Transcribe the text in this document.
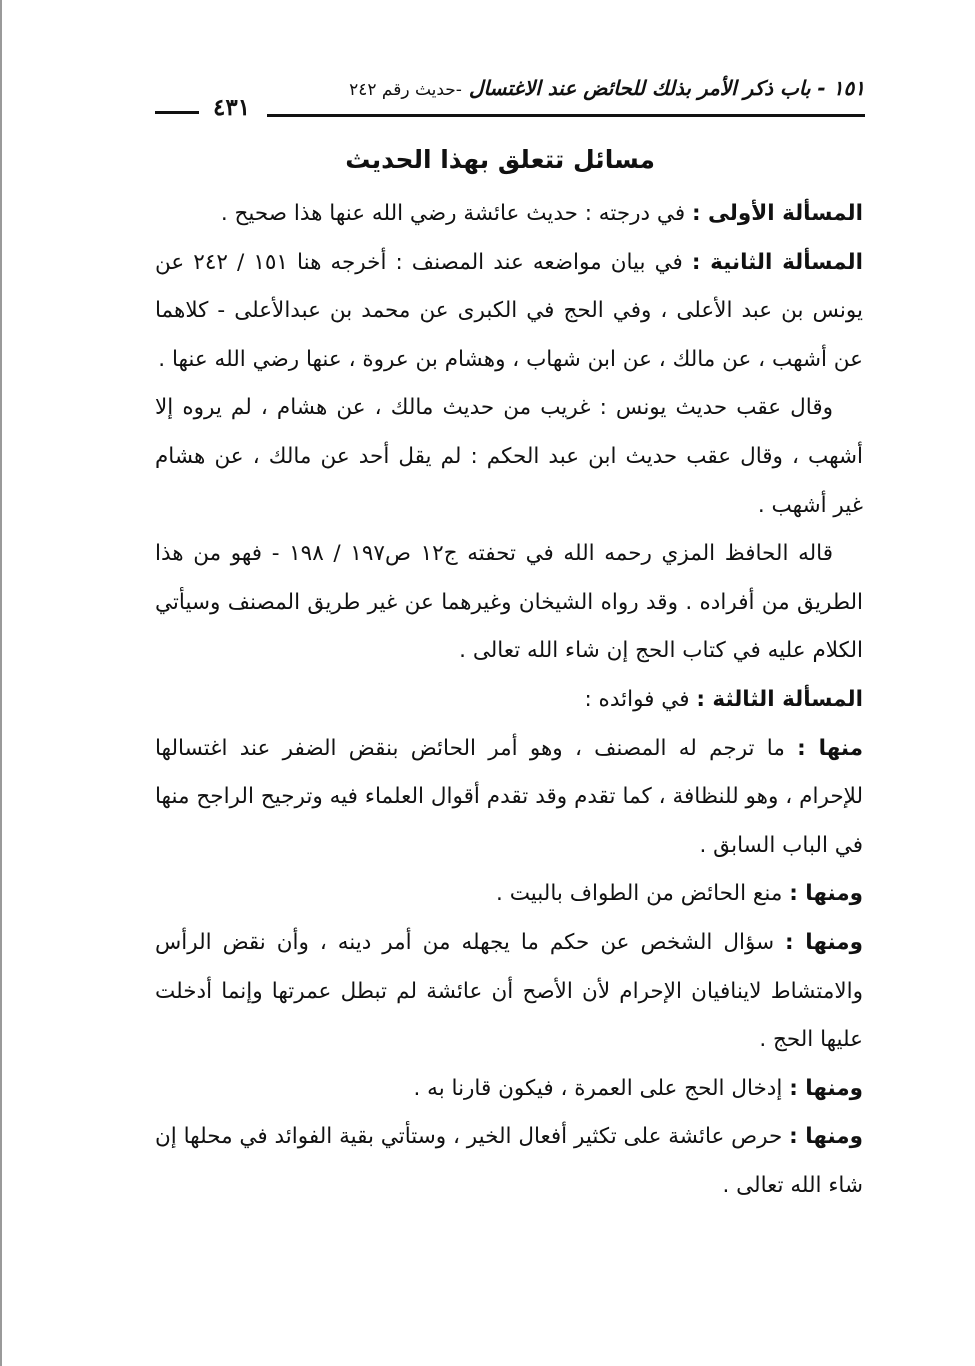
١٥١ - باب ذكر الأمر بذلك للحائض عند الاغتسال -حديث رقم ٢٤٢
٤٣١
مسائل تتعلق بهذا الحديث

المسألة الأولى : في درجته : حديث عائشة رضي الله عنها هذا صحيح .

المسألة الثانية : في بيان مواضعه عند المصنف : أخرجه هنا ١٥١ / ٢٤٢ عن يونس بن عبد الأعلى ، وفي الحج في الكبرى عن محمد بن عبدالأعلى - كلاهما عن أشهب ، عن مالك ، عن ابن شهاب ، وهشام بن عروة ، عنها رضي الله عنها .

وقال عقب حديث يونس : غريب من حديث مالك ، عن هشام ، لم يروه إلا أشهب ، وقال عقب حديث ابن عبد الحكم : لم يقل أحد عن مالك ، عن هشام غير أشهب .

قاله الحافظ المزي رحمه الله في تحفته ج١٢ ص١٩٧ / ١٩٨ - فهو من هذا الطريق من أفراده . وقد رواه الشيخان وغيرهما عن غير طريق المصنف وسيأتي الكلام عليه في كتاب الحج إن شاء الله تعالى .

المسألة الثالثة : في فوائده :

منها : ما ترجم له المصنف ، وهو أمر الحائض بنقض الضفر عند اغتسالها للإحرام ، وهو للنظافة ، كما تقدم وقد تقدم أقوال العلماء فيه وترجيح الراجح منها في الباب السابق .

ومنها : منع الحائض من الطواف بالبيت .

ومنها : سؤال الشخص عن حكم ما يجهله من أمر دينه ، وأن نقض الرأس والامتشاط لاينافيان الإحرام لأن الأصح أن عائشة لم تبطل عمرتها وإنما أدخلت عليها الحج .

ومنها : إدخال الحج على العمرة ، فيكون قارنا به .

ومنها : حرص عائشة على تكثير أفعال الخير ، وستأتي بقية الفوائد في محلها إن شاء الله تعالى .
